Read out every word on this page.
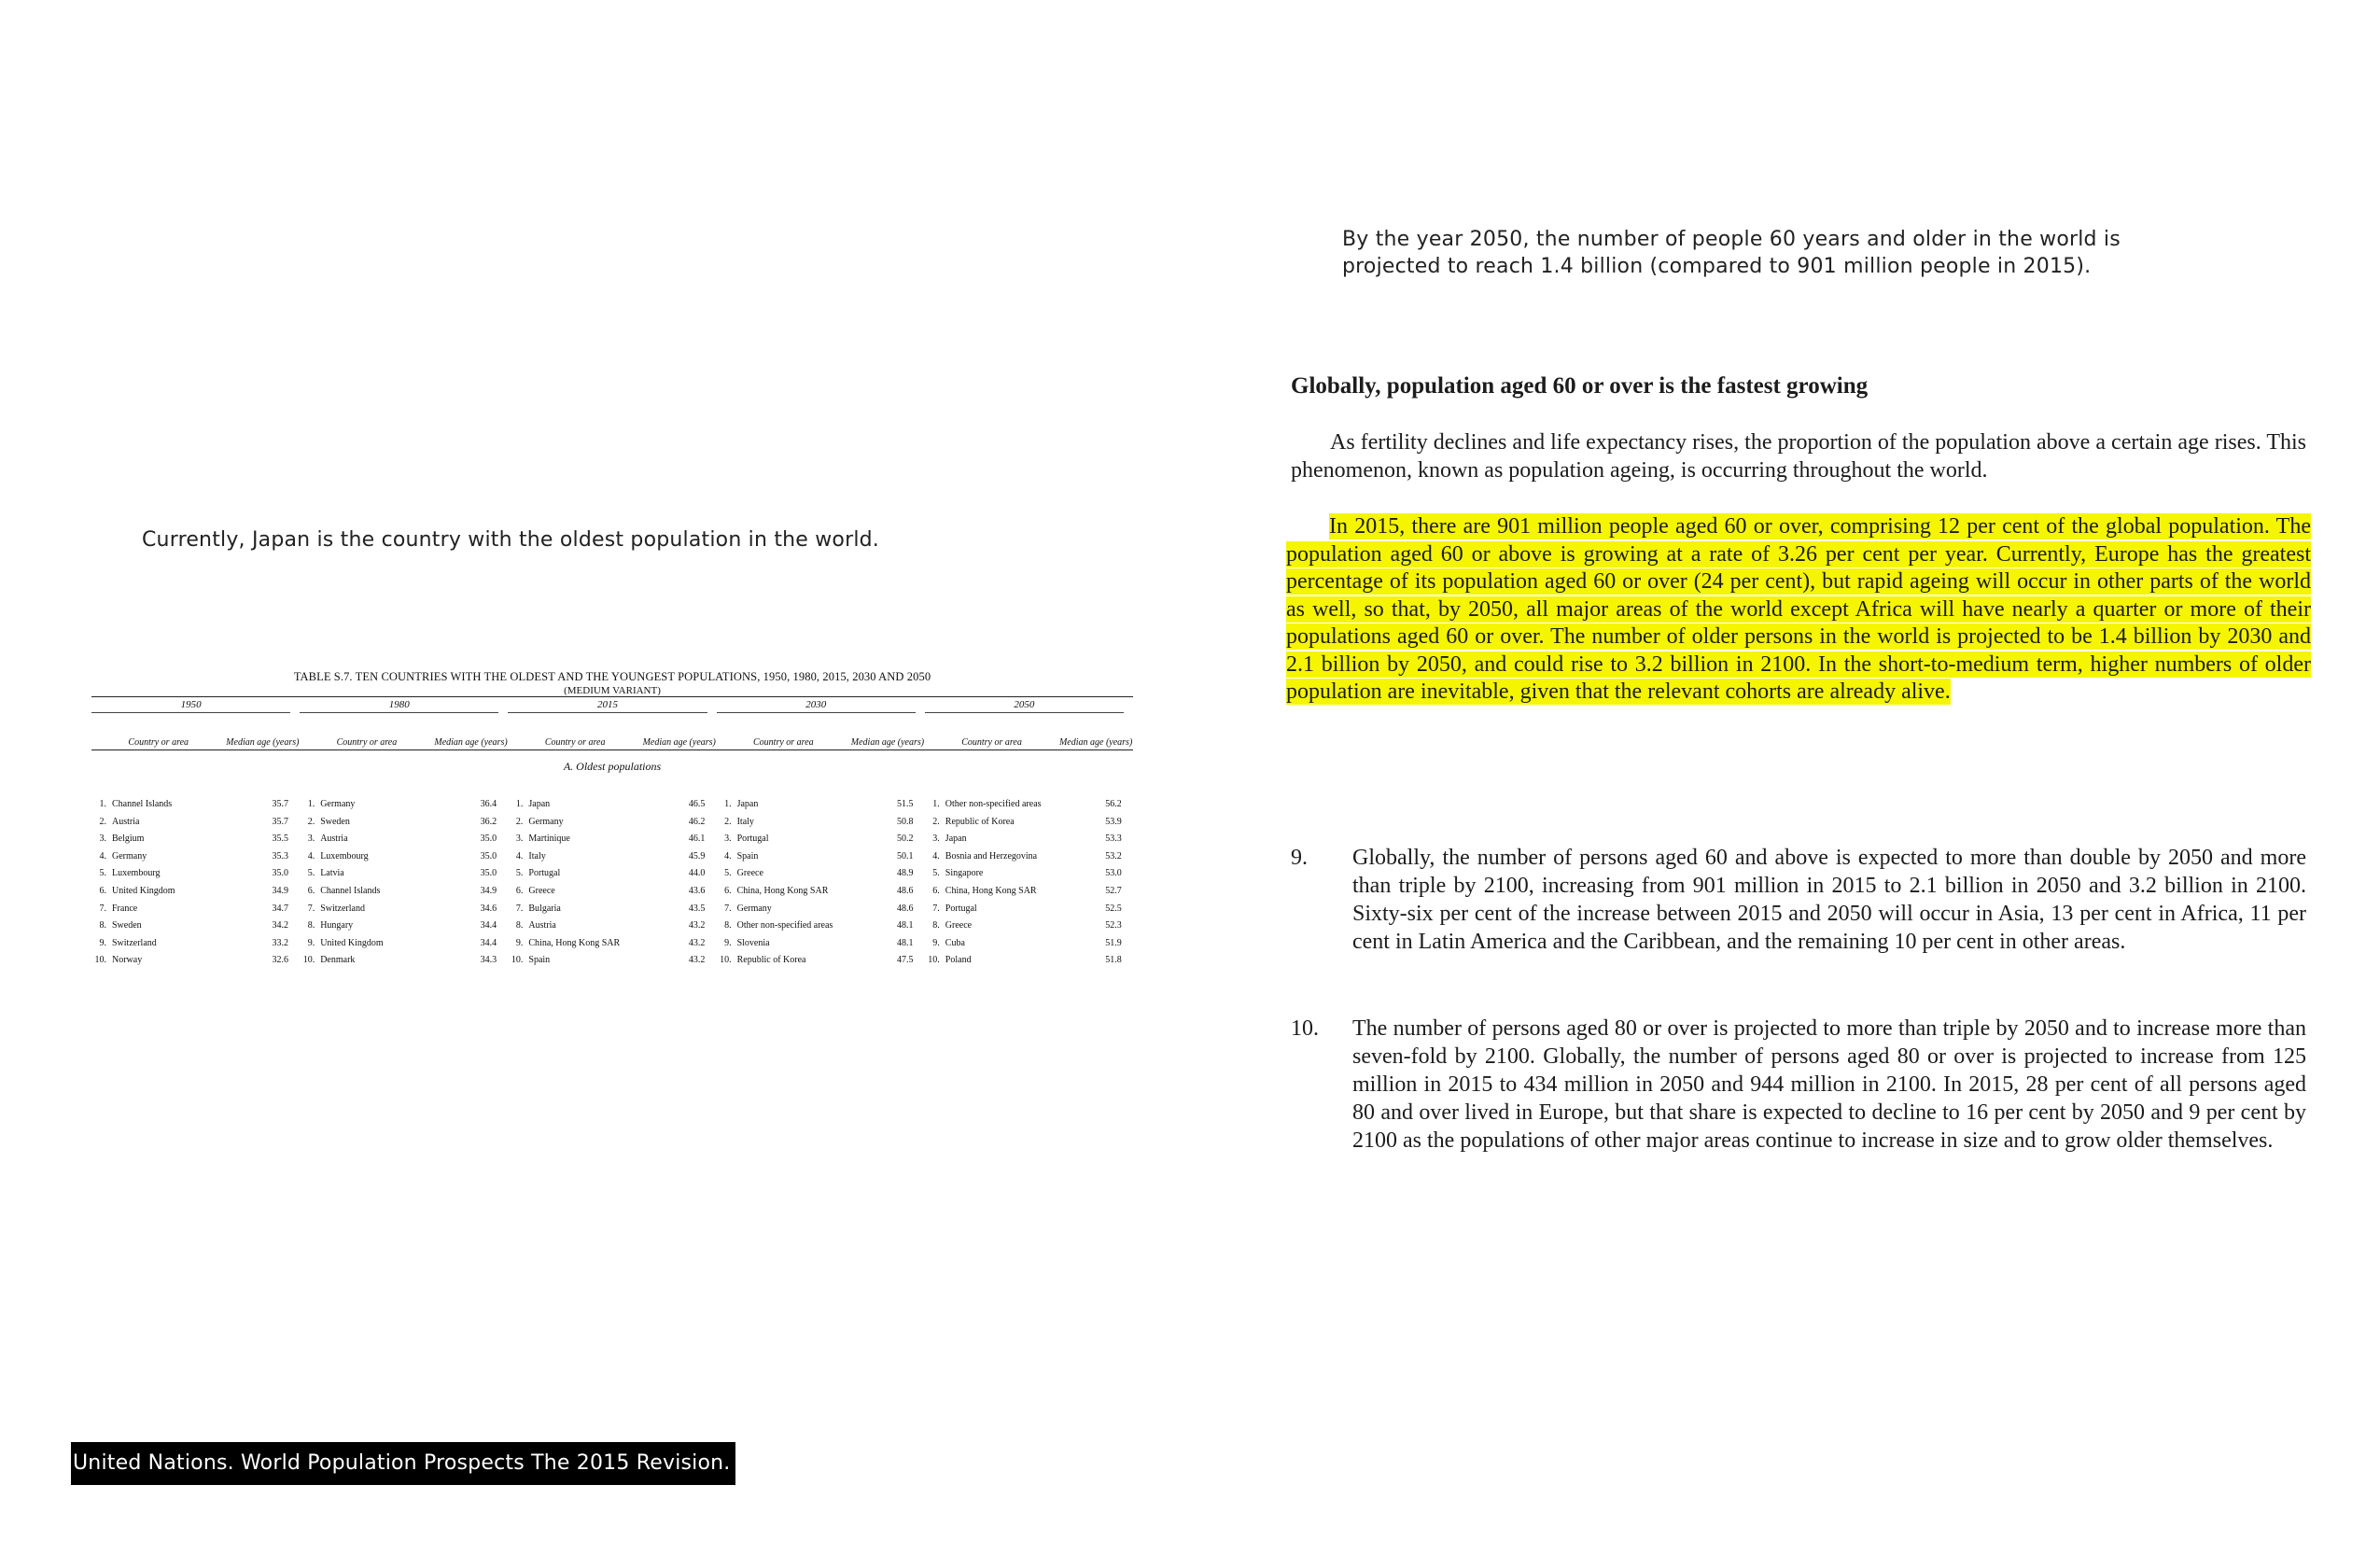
Currently, Japan is the country with the oldest population in the world.
By the year 2050, the number of people 60 years and older in the world is projected to reach 1.4 billion (compared to 901 million people in 2015).
United Nations. World Population Prospects The 2015 Revision. 2015.
TABLE S.7. TEN COUNTRIES WITH THE OLDEST AND THE YOUNGEST POPULATIONS, 1950, 1980, 2015, 2030 AND 2050
(MEDIUM VARIANT)
1950	1980	2015	2030	2050
Country or area	Median age (years)	Country or area	Median age (years)	Country or area	Median age (years)	Country or area	Median age (years)	Country or area	Median age (years)
A. Oldest populations
1. Channel Islands	35.7	1. Germany	36.4	1. Japan	46.5	1. Japan	51.5	1. Other non-specified areas	56.2
2. Austria	35.7	2. Sweden	36.2	2. Germany	46.2	2. Italy	50.8	2. Republic of Korea	53.9
3. Belgium	35.5	3. Austria	35.0	3. Martinique	46.1	3. Portugal	50.2	3. Japan	53.3
4. Germany	35.3	4. Luxembourg	35.0	4. Italy	45.9	4. Spain	50.1	4. Bosnia and Herzegovina	53.2
5. Luxembourg	35.0	5. Latvia	35.0	5. Portugal	44.0	5. Greece	48.9	5. Singapore	53.0
6. United Kingdom	34.9	6. Channel Islands	34.9	6. Greece	43.6	6. China, Hong Kong SAR	48.6	6. China, Hong Kong SAR	52.7
7. France	34.7	7. Switzerland	34.6	7. Bulgaria	43.5	7. Germany	48.6	7. Portugal	52.5
8. Sweden	34.2	8. Hungary	34.4	8. Austria	43.2	8. Other non-specified areas	48.1	8. Greece	52.3
9. Switzerland	33.2	9. United Kingdom	34.4	9. China, Hong Kong SAR	43.2	9. Slovenia	48.1	9. Cuba	51.9
10. Norway	32.6	10. Denmark	34.3	10. Spain	43.2	10. Republic of Korea	47.5	10. Poland	51.8
Globally, population aged 60 or over is the fastest growing
As fertility declines and life expectancy rises, the proportion of the population above a certain age rises. This phenomenon, known as population ageing, is occurring throughout the world.
In 2015, there are 901 million people aged 60 or over, comprising 12 per cent of the global population. The population aged 60 or above is growing at a rate of 3.26 per cent per year. Currently, Europe has the greatest percentage of its population aged 60 or over (24 per cent), but rapid ageing will occur in other parts of the world as well, so that, by 2050, all major areas of the world except Africa will have nearly a quarter or more of their populations aged 60 or over. The number of older persons in the world is projected to be 1.4 billion by 2030 and 2.1 billion by 2050, and could rise to 3.2 billion in 2100. In the short-to-medium term, higher numbers of older population are inevitable, given that the relevant cohorts are already alive.
9.	Globally, the number of persons aged 60 and above is expected to more than double by 2050 and more than triple by 2100, increasing from 901 million in 2015 to 2.1 billion in 2050 and 3.2 billion in 2100. Sixty-six per cent of the increase between 2015 and 2050 will occur in Asia, 13 per cent in Africa, 11 per cent in Latin America and the Caribbean, and the remaining 10 per cent in other areas.
10.	The number of persons aged 80 or over is projected to more than triple by 2050 and to increase more than seven-fold by 2100. Globally, the number of persons aged 80 or over is projected to increase from 125 million in 2015 to 434 million in 2050 and 944 million in 2100. In 2015, 28 per cent of all persons aged 80 and over lived in Europe, but that share is expected to decline to 16 per cent by 2050 and 9 per cent by 2100 as the populations of other major areas continue to increase in size and to grow older themselves.
